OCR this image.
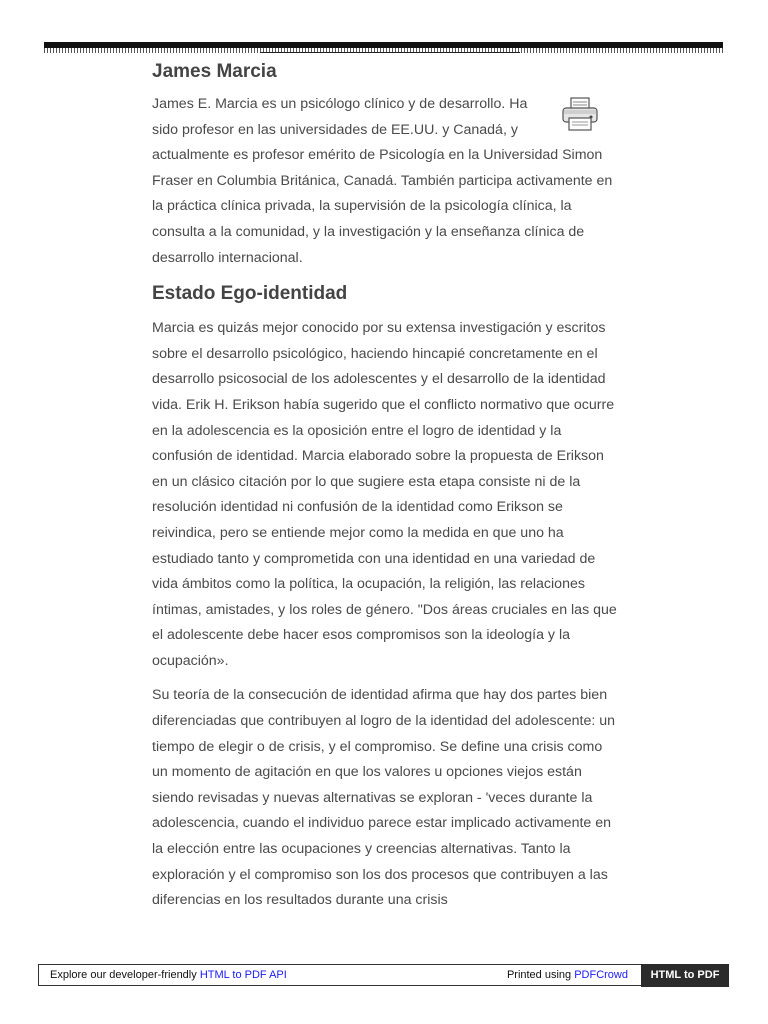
James Marcia

James E. Marcia es un psicólogo clínico y de desarrollo. Ha sido profesor en las universidades de EE.UU. y Canadá, y actualmente es profesor emérito de Psicología en la Universidad Simon Fraser en Columbia Británica, Canadá. También participa activamente en la práctica clínica privada, la supervisión de la psicología clínica, la consulta a la comunidad, y la investigación y la enseñanza clínica de desarrollo internacional.

Estado Ego-identidad

Marcia es quizás mejor conocido por su extensa investigación y escritos sobre el desarrollo psicológico, haciendo hincapié concretamente en el desarrollo psicosocial de los adolescentes y el desarrollo de la identidad vida. Erik H. Erikson había sugerido que el conflicto normativo que ocurre en la adolescencia es la oposición entre el logro de identidad y la confusión de identidad. Marcia elaborado sobre la propuesta de Erikson en un clásico citación por lo que sugiere esta etapa consiste ni de la resolución identidad ni confusión de la identidad como Erikson se reivindica, pero se entiende mejor como la medida en que uno ha estudiado tanto y comprometida con una identidad en una variedad de vida ámbitos como la política, la ocupación, la religión, las relaciones íntimas, amistades, y los roles de género. "Dos áreas cruciales en las que el adolescente debe hacer esos compromisos son la ideología y la ocupación».

Su teoría de la consecución de identidad afirma que hay dos partes bien diferenciadas que contribuyen al logro de la identidad del adolescente: un tiempo de elegir o de crisis, y el compromiso. Se define una crisis como un momento de agitación en que los valores u opciones viejos están siendo revisadas y nuevas alternativas se exploran - 'veces durante la adolescencia, cuando el individuo parece estar implicado activamente en la elección entre las ocupaciones y creencias alternativas. Tanto la exploración y el compromiso son los dos procesos que contribuyen a las diferencias en los resultados durante una crisis

Explore our developer-friendly HTML to PDF API	Printed using PDFCrowd	HTML to PDF
